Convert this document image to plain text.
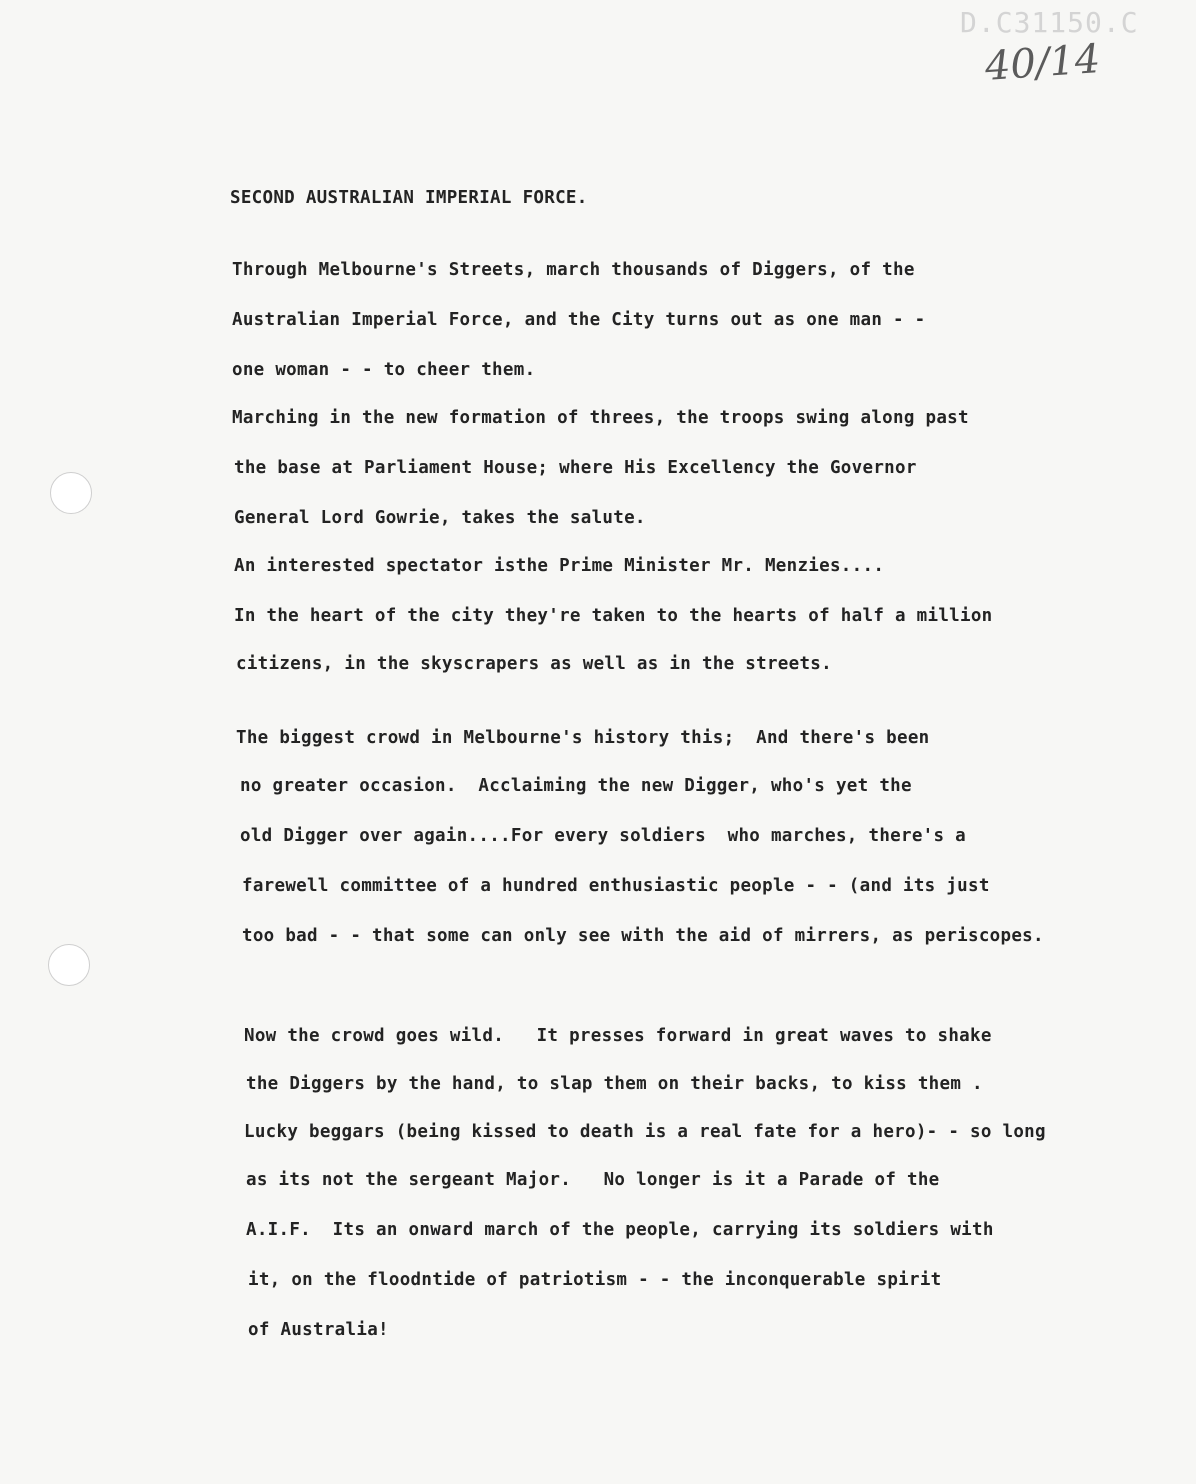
D.C31150.C
40/14

SECOND AUSTRALIAN IMPERIAL FORCE.

Through Melbourne's Streets, march thousands of Diggers, of the

Australian Imperial Force, and the City turns out as one man - -

one woman - - to cheer them.

Marching in the new formation of threes, the troops swing along past

the base at Parliament House; where His Excellency the Governor

General Lord Gowrie, takes the salute.

An interested spectator isthe Prime Minister Mr. Menzies....

In the heart of the city they're taken to the hearts of half a million

citizens, in the skyscrapers as well as in the streets.

The biggest crowd in Melbourne's history this;  And there's been

no greater occasion.  Acclaiming the new Digger, who's yet the

old Digger over again....For every soldiers  who marches, there's a

farewell committee of a hundred enthusiastic people - - (and its just

too bad - - that some can only see with the aid of mirrers, as periscopes.

Now the crowd goes wild.   It presses forward in great waves to shake

the Diggers by the hand, to slap them on their backs, to kiss them .

Lucky beggars (being kissed to death is a real fate for a hero)- - so long

as its not the sergeant Major.   No longer is it a Parade of the

A.I.F.  Its an onward march of the people, carrying its soldiers with

it, on the floodntide of patriotism - - the inconquerable spirit

of Australia!
